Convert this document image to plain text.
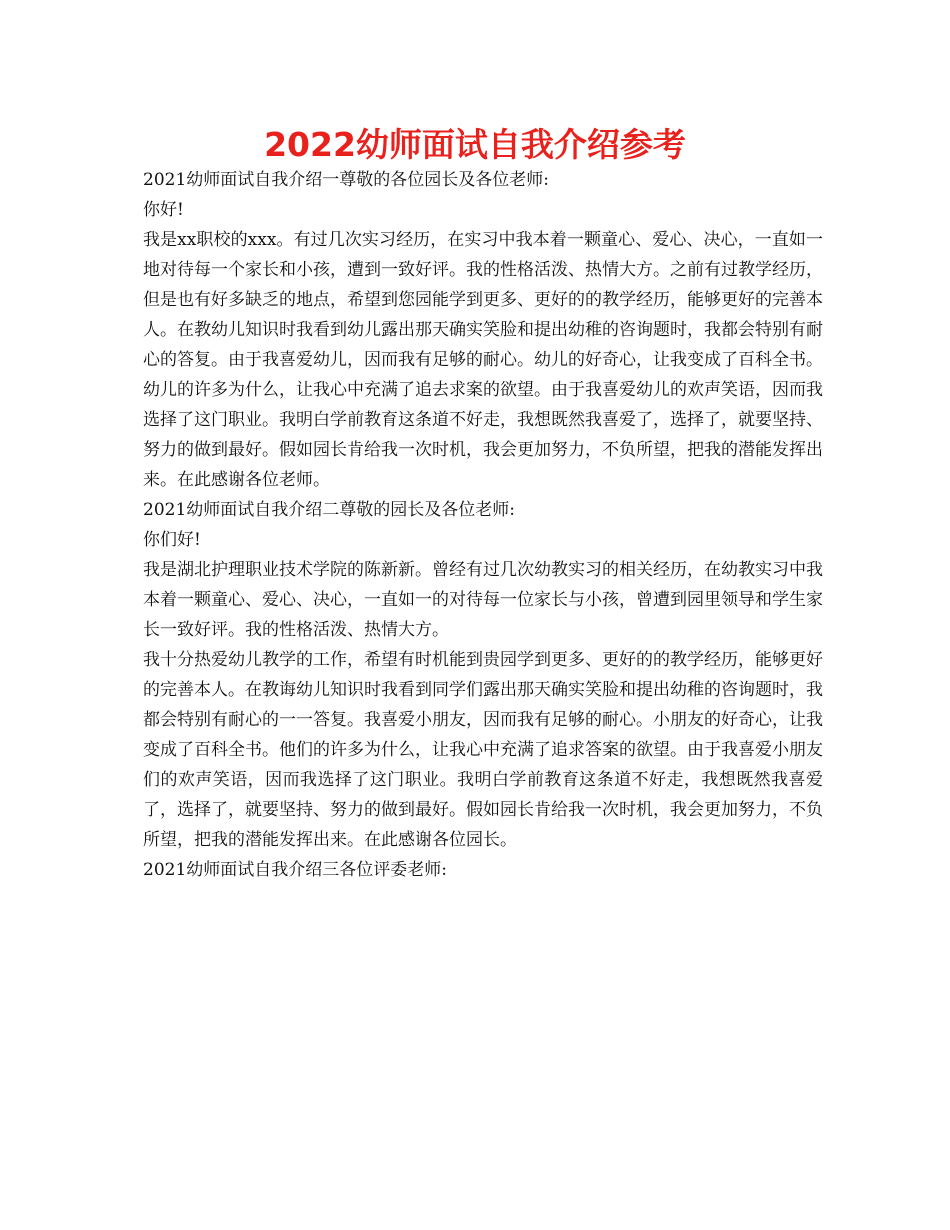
2022幼师面试自我介绍参考

2021幼师面试自我介绍一尊敬的各位园长及各位老师:

你好!

我是xx职校的xxx。有过几次实习经历，在实习中我本着一颗童心、爱心、决心，一直如一地对待每一个家长和小孩，遭到一致好评。我的性格活泼、热情大方。之前有过教学经历，但是也有好多缺乏的地点，希望到您园能学到更多、更好的的教学经历，能够更好的完善本人。在教幼儿知识时我看到幼儿露出那天确实笑脸和提出幼稚的咨询题时，我都会特别有耐心的答复。由于我喜爱幼儿，因而我有足够的耐心。幼儿的好奇心，让我变成了百科全书。幼儿的许多为什么，让我心中充满了追去求案的欲望。由于我喜爱幼儿的欢声笑语，因而我选择了这门职业。我明白学前教育这条道不好走，我想既然我喜爱了，选择了，就要坚持、努力的做到最好。假如园长肯给我一次时机，我会更加努力，不负所望，把我的潜能发挥出来。在此感谢各位老师。

2021幼师面试自我介绍二尊敬的园长及各位老师:

你们好!

我是湖北护理职业技术学院的陈新新。曾经有过几次幼教实习的相关经历，在幼教实习中我本着一颗童心、爱心、决心，一直如一的对待每一位家长与小孩，曾遭到园里领导和学生家长一致好评。我的性格活泼、热情大方。

我十分热爱幼儿教学的工作，希望有时机能到贵园学到更多、更好的的教学经历，能够更好的完善本人。在教诲幼儿知识时我看到同学们露出那天确实笑脸和提出幼稚的咨询题时，我都会特别有耐心的一一答复。我喜爱小朋友，因而我有足够的耐心。小朋友的好奇心，让我变成了百科全书。他们的许多为什么，让我心中充满了追求答案的欲望。由于我喜爱小朋友们的欢声笑语，因而我选择了这门职业。我明白学前教育这条道不好走，我想既然我喜爱了，选择了，就要坚持、努力的做到最好。假如园长肯给我一次时机，我会更加努力，不负所望，把我的潜能发挥出来。在此感谢各位园长。

2021幼师面试自我介绍三各位评委老师:
